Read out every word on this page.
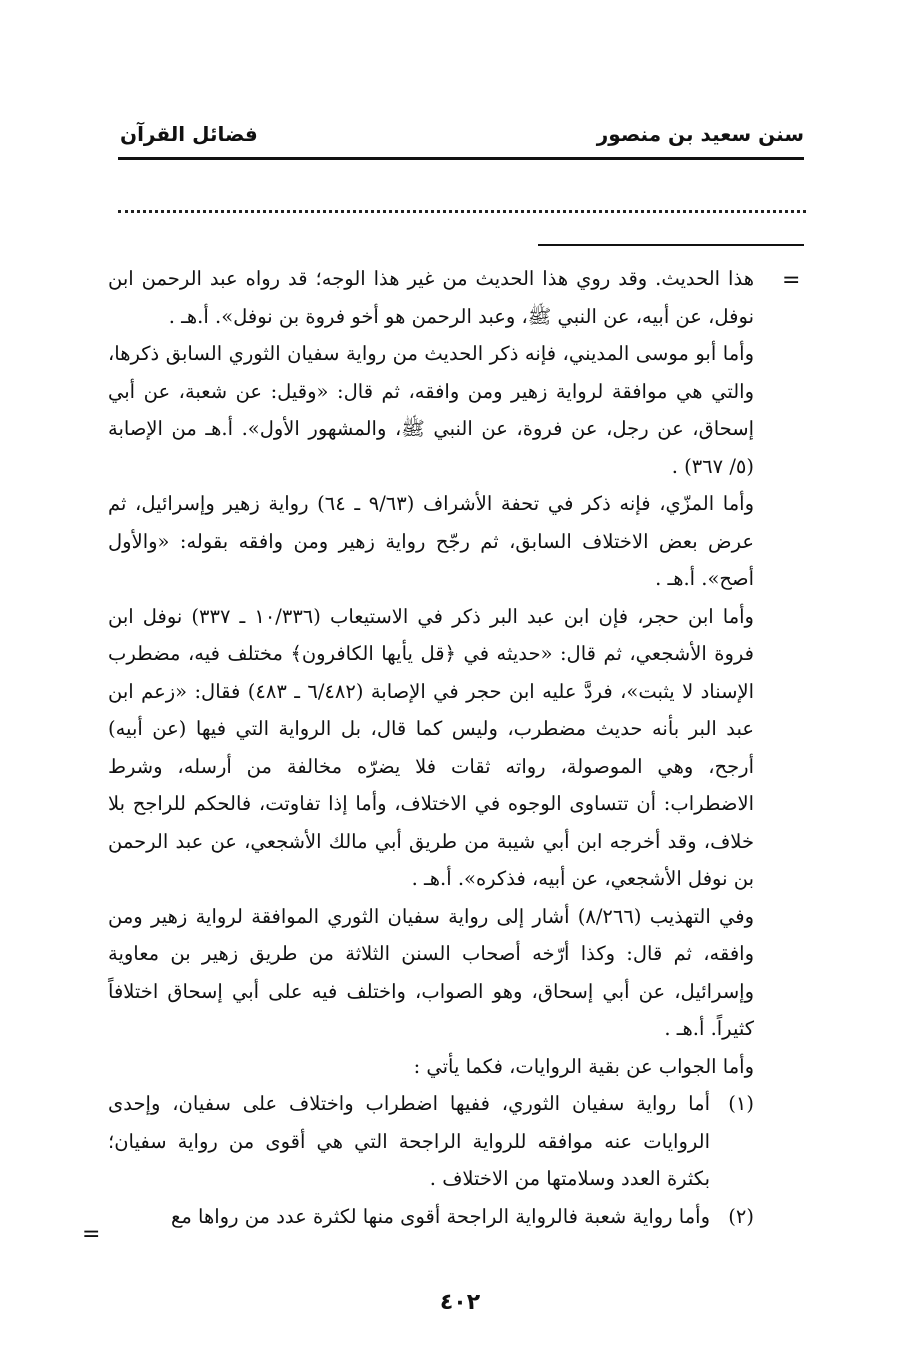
سنن سعيد بن منصور
فضائل القرآن
=

هذا الحديث. وقد روي هذا الحديث من غير هذا الوجه؛ قد رواه عبد الرحمن ابن نوفل، عن أبيه، عن النبي ﷺ، وعبد الرحمن هو أخو فروة بن نوفل». أ.هـ .

وأما أبو موسى المديني، فإنه ذكر الحديث من رواية سفيان الثوري السابق ذكرها، والتي هي موافقة لرواية زهير ومن وافقه، ثم قال: «وقيل: عن شعبة، عن أبي إسحاق، عن رجل، عن فروة، عن النبي ﷺ، والمشهور الأول». أ.هـ من الإصابة (٥/ ٣٦٧) .

وأما المزّي، فإنه ذكر في تحفة الأشراف (٩/٦٣ ـ ٦٤) رواية زهير وإسرائيل، ثم عرض بعض الاختلاف السابق، ثم رجّح رواية زهير ومن وافقه بقوله: «والأول أصح». أ.هـ .

وأما ابن حجر، فإن ابن عبد البر ذكر في الاستيعاب (١٠/٣٣٦ ـ ٣٣٧) نوفل ابن فروة الأشجعي، ثم قال: «حديثه في ﴿قل يأيها الكافرون﴾ مختلف فيه، مضطرب الإسناد لا يثبت»، فردَّ عليه ابن حجر في الإصابة (٦/٤٨٢ ـ ٤٨٣) فقال: «زعم ابن عبد البر بأنه حديث مضطرب، وليس كما قال، بل الرواية التي فيها (عن أبيه) أرجح، وهي الموصولة، رواته ثقات فلا يضرّه مخالفة من أرسله، وشرط الاضطراب: أن تتساوى الوجوه في الاختلاف، وأما إذا تفاوتت، فالحكم للراجح بلا خلاف، وقد أخرجه ابن أبي شيبة من طريق أبي مالك الأشجعي، عن عبد الرحمن بن نوفل الأشجعي، عن أبيه، فذكره». أ.هـ .

وفي التهذيب (٨/٢٦٦) أشار إلى رواية سفيان الثوري الموافقة لرواية زهير ومن وافقه، ثم قال: وكذا أرّخه أصحاب السنن الثلاثة من طريق زهير بن معاوية وإسرائيل، عن أبي إسحاق، وهو الصواب، واختلف فيه على أبي إسحاق اختلافاً كثيراً. أ.هـ .

وأما الجواب عن بقية الروايات، فكما يأتي :

(١)
أما رواية سفيان الثوري، ففيها اضطراب واختلاف على سفيان، وإحدى الروايات عنه موافقه للرواية الراجحة التي هي أقوى من رواية سفيان؛ بكثرة العدد وسلامتها من الاختلاف .
(٢)
وأما رواية شعبة فالرواية الراجحة أقوى منها لكثرة عدد من رواها مع
=
٤٠٢
